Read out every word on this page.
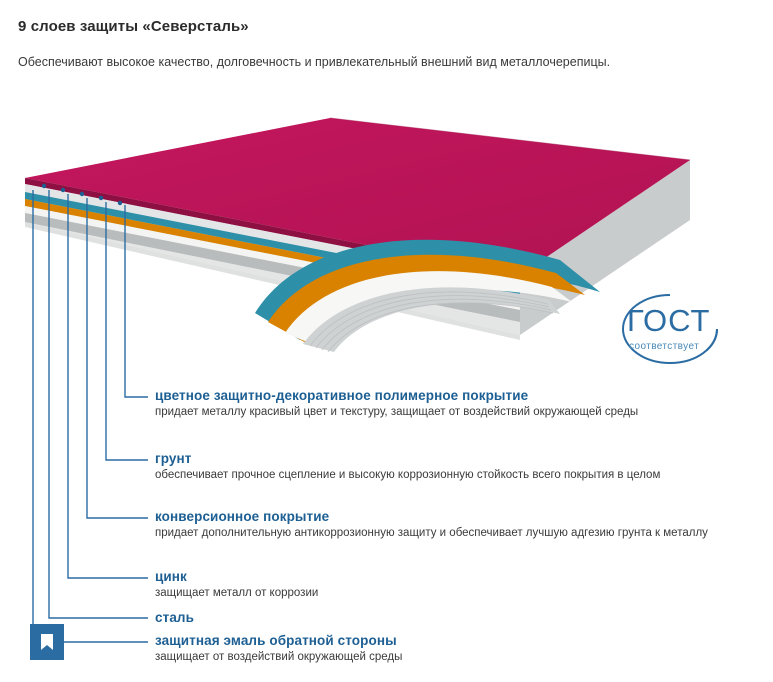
9 слоев защиты «Северсталь»
Обеспечивают высокое качество, долговечность и привлекательный внешний вид металлочерепицы.
ГОСТ
соответствует
цветное защитно-декоративное полимерное покрытие
придает металлу красивый цвет и текстуру, защищает от воздействий окружающей среды
грунт
обеспечивает прочное сцепление и высокую коррозионную стойкость всего покрытия в целом
конверсионное покрытие
придает дополнительную антикоррозионную защиту и обеспечивает лучшую адгезию грунта к металлу
цинк
защищает металл от коррозии
сталь
защитная эмаль обратной стороны
защищает от воздействий окружающей среды
